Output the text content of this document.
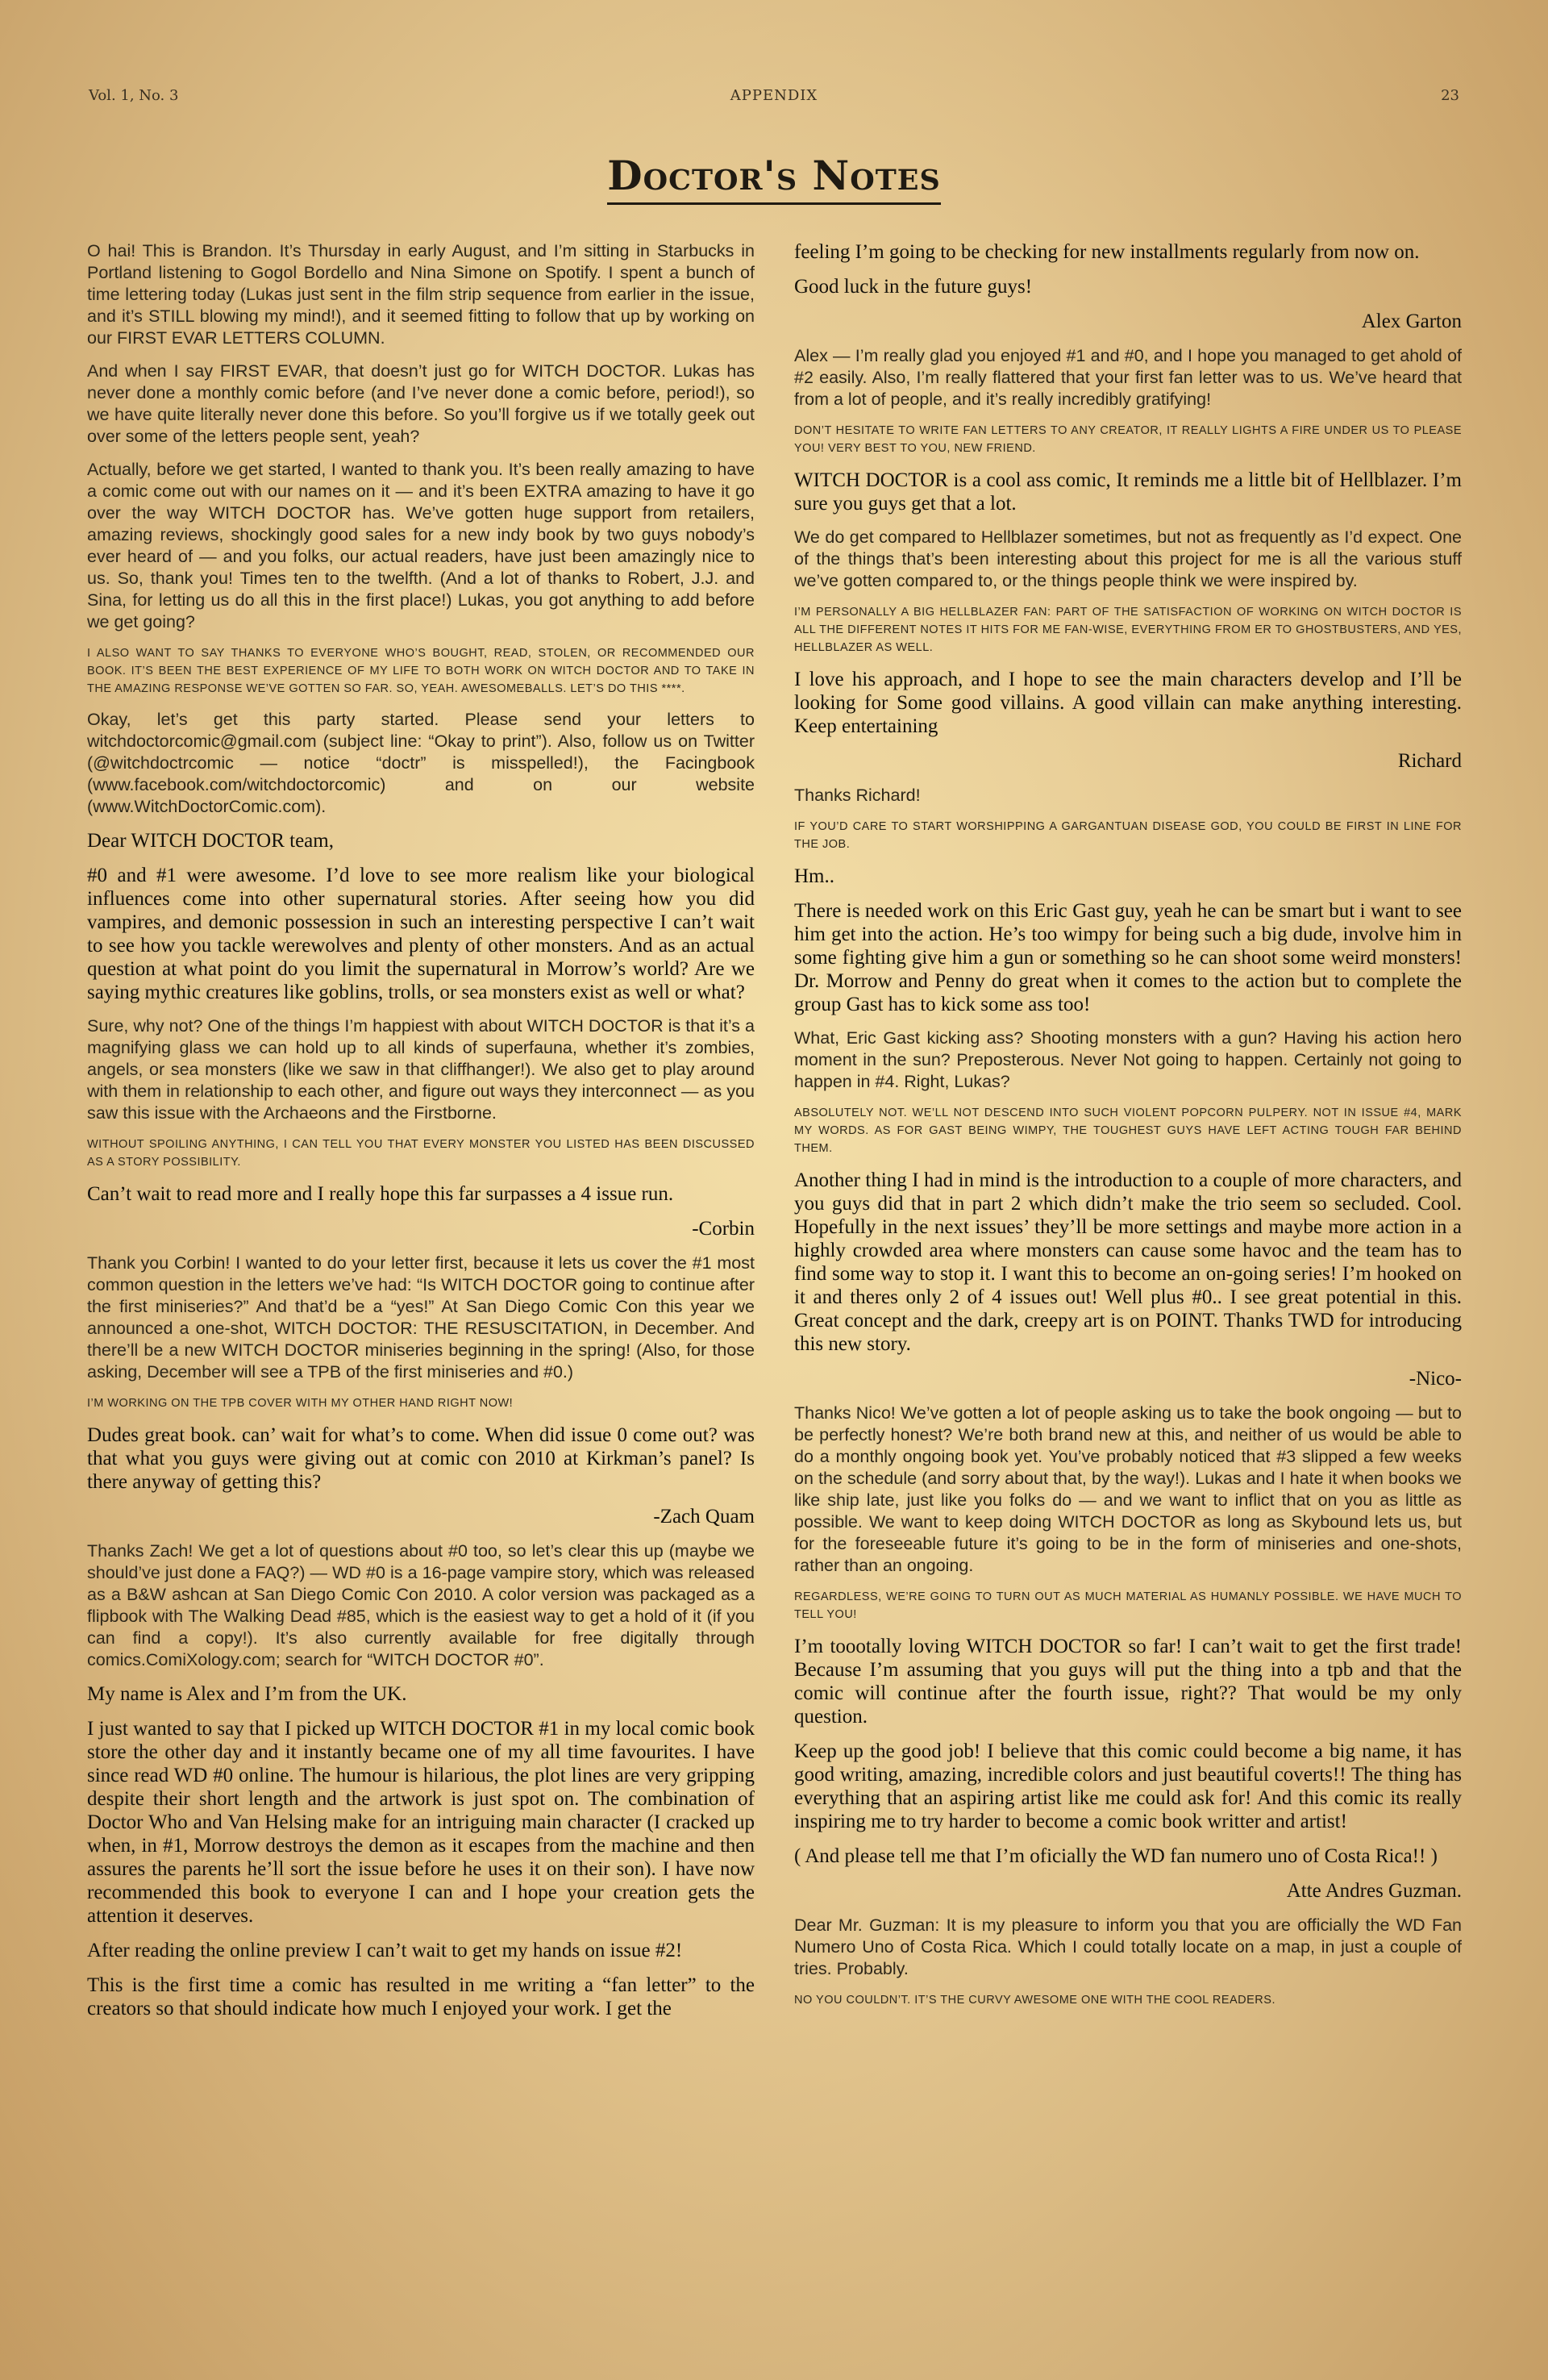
Vol. 1, No. 3	APPENDIX	23
Doctor's Notes
O hai! This is Brandon. It’s Thursday in early August, and I’m sitting in Starbucks in Portland listening to Gogol Bordello and Nina Simone on Spotify. I spent a bunch of time lettering today (Lukas just sent in the film strip sequence from earlier in the issue, and it’s STILL blowing my mind!), and it seemed fitting to follow that up by working on our FIRST EVAR LETTERS COLUMN.
And when I say FIRST EVAR, that doesn’t just go for WITCH DOCTOR. Lukas has never done a monthly comic before (and I’ve never done a comic before, period!), so we have quite literally never done this before. So you’ll forgive us if we totally geek out over some of the letters people sent, yeah?
Actually, before we get started, I wanted to thank you. It’s been really amazing to have a comic come out with our names on it — and it’s been EXTRA amazing to have it go over the way WITCH DOCTOR has. We’ve gotten huge support from retailers, amazing reviews, shockingly good sales for a new indy book by two guys nobody’s ever heard of — and you folks, our actual readers, have just been amazingly nice to us. So, thank you! Times ten to the twelfth. (And a lot of thanks to Robert, J.J. and Sina, for letting us do all this in the first place!) Lukas, you got anything to add before we get going?
I ALSO WANT TO SAY THANKS TO EVERYONE WHO’S BOUGHT, READ, STOLEN, OR RECOMMENDED OUR BOOK. IT’S BEEN THE BEST EXPERIENCE OF MY LIFE TO BOTH WORK ON WITCH DOCTOR AND TO TAKE IN THE AMAZING RESPONSE WE’VE GOTTEN SO FAR. SO, YEAH. AWESOMEBALLS. LET’S DO THIS ****.
Okay, let’s get this party started. Please send your letters to witchdoctorcomic@gmail.com (subject line: “Okay to print”). Also, follow us on Twitter (@witchdoctrcomic — notice “doctr” is misspelled!), the Facingbook (www.facebook.com/witchdoctorcomic) and on our website (www.WitchDoctorComic.com).
Dear WITCH DOCTOR team,
#0 and #1 were awesome. I’d love to see more realism like your biological influences come into other supernatural stories. After seeing how you did vampires, and demonic possession in such an interesting perspective I can’t wait to see how you tackle werewolves and plenty of other monsters. And as an actual question at what point do you limit the supernatural in Morrow’s world? Are we saying mythic creatures like goblins, trolls, or sea monsters exist as well or what?
Sure, why not? One of the things I’m happiest with about WITCH DOCTOR is that it’s a magnifying glass we can hold up to all kinds of superfauna, whether it’s zombies, angels, or sea monsters (like we saw in that cliffhanger!). We also get to play around with them in relationship to each other, and figure out ways they interconnect — as you saw this issue with the Archaeons and the Firstborne.
WITHOUT SPOILING ANYTHING, I CAN TELL YOU THAT EVERY MONSTER YOU LISTED HAS BEEN DISCUSSED AS A STORY POSSIBILITY.
Can’t wait to read more and I really hope this far surpasses a 4 issue run.
-Corbin
Thank you Corbin! I wanted to do your letter first, because it lets us cover the #1 most common question in the letters we’ve had: “Is WITCH DOCTOR going to continue after the first miniseries?” And that’d be a “yes!” At San Diego Comic Con this year we announced a one-shot, WITCH DOCTOR: THE RESUSCITATION, in December. And there’ll be a new WITCH DOCTOR miniseries beginning in the spring! (Also, for those asking, December will see a TPB of the first miniseries and #0.)
I’M WORKING ON THE TPB COVER WITH MY OTHER HAND RIGHT NOW!
Dudes great book. can’ wait for what’s to come. When did issue 0 come out? was that what you guys were giving out at comic con 2010 at Kirkman’s panel? Is there anyway of getting this?
-Zach Quam
Thanks Zach! We get a lot of questions about #0 too, so let’s clear this up (maybe we should’ve just done a FAQ?) — WD #0 is a 16-page vampire story, which was released as a B&W ashcan at San Diego Comic Con 2010. A color version was packaged as a flipbook with The Walking Dead #85, which is the easiest way to get a hold of it (if you can find a copy!). It’s also currently available for free digitally through comics.ComiXology.com; search for “WITCH DOCTOR #0”.
My name is Alex and I’m from the UK.
I just wanted to say that I picked up WITCH DOCTOR #1 in my local comic book store the other day and it instantly became one of my all time favourites. I have since read WD #0 online. The humour is hilarious, the plot lines are very gripping despite their short length and the artwork is just spot on. The combination of Doctor Who and Van Helsing make for an intriguing main character (I cracked up when, in #1, Morrow destroys the demon as it escapes from the machine and then assures the parents he’ll sort the issue before he uses it on their son). I have now recommended this book to everyone I can and I hope your creation gets the attention it deserves.
After reading the online preview I can’t wait to get my hands on issue #2!
This is the first time a comic has resulted in me writing a “fan letter” to the creators so that should indicate how much I enjoyed your work. I get the
feeling I’m going to be checking for new installments regularly from now on.
Good luck in the future guys!
Alex Garton
Alex — I’m really glad you enjoyed #1 and #0, and I hope you managed to get ahold of #2 easily. Also, I’m really flattered that your first fan letter was to us. We’ve heard that from a lot of people, and it’s really incredibly gratifying!
DON’T HESITATE TO WRITE FAN LETTERS TO ANY CREATOR, IT REALLY LIGHTS A FIRE UNDER US TO PLEASE YOU! VERY BEST TO YOU, NEW FRIEND.
WITCH DOCTOR is a cool ass comic, It reminds me a little bit of Hellblazer. I’m sure you guys get that a lot.
We do get compared to Hellblazer sometimes, but not as frequently as I’d expect. One of the things that’s been interesting about this project for me is all the various stuff we’ve gotten compared to, or the things people think we were inspired by.
I’M PERSONALLY A BIG HELLBLAZER FAN: PART OF THE SATISFACTION OF WORKING ON WITCH DOCTOR IS ALL THE DIFFERENT NOTES IT HITS FOR ME FAN-WISE, EVERYTHING FROM ER TO GHOSTBUSTERS, AND YES, HELLBLAZER AS WELL.
I love his approach, and I hope to see the main characters develop and I’ll be looking for Some good villains. A good villain can make anything interesting. Keep entertaining
Richard
Thanks Richard!
IF YOU’D CARE TO START WORSHIPPING A GARGANTUAN DISEASE GOD, YOU COULD BE FIRST IN LINE FOR THE JOB.
Hm..
There is needed work on this Eric Gast guy, yeah he can be smart but i want to see him get into the action. He’s too wimpy for being such a big dude, involve him in some fighting give him a gun or something so he can shoot some weird monsters! Dr. Morrow and Penny do great when it comes to the action but to complete the group Gast has to kick some ass too!
What, Eric Gast kicking ass? Shooting monsters with a gun? Having his action hero moment in the sun? Preposterous. Never Not going to happen. Certainly not going to happen in #4. Right, Lukas?
ABSOLUTELY NOT. WE’LL NOT DESCEND INTO SUCH VIOLENT POPCORN PULPERY. NOT IN ISSUE #4, MARK MY WORDS. AS FOR GAST BEING WIMPY, THE TOUGHEST GUYS HAVE LEFT ACTING TOUGH FAR BEHIND THEM.
Another thing I had in mind is the introduction to a couple of more characters, and you guys did that in part 2 which didn’t make the trio seem so secluded. Cool. Hopefully in the next issues’ they’ll be more settings and maybe more action in a highly crowded area where monsters can cause some havoc and the team has to find some way to stop it. I want this to become an on-going series! I’m hooked on it and theres only 2 of 4 issues out! Well plus #0.. I see great potential in this. Great concept and the dark, creepy art is on POINT. Thanks TWD for introducing this new story.
-Nico-
Thanks Nico! We’ve gotten a lot of people asking us to take the book ongoing — but to be perfectly honest? We’re both brand new at this, and neither of us would be able to do a monthly ongoing book yet. You’ve probably noticed that #3 slipped a few weeks on the schedule (and sorry about that, by the way!). Lukas and I hate it when books we like ship late, just like you folks do — and we want to inflict that on you as little as possible. We want to keep doing WITCH DOCTOR as long as Skybound lets us, but for the foreseeable future it’s going to be in the form of miniseries and one-shots, rather than an ongoing.
REGARDLESS, WE’RE GOING TO TURN OUT AS MUCH MATERIAL AS HUMANLY POSSIBLE. WE HAVE MUCH TO TELL YOU!
I’m toootally loving WITCH DOCTOR so far! I can’t wait to get the first trade! Because I’m assuming that you guys will put the thing into a tpb and that the comic will continue after the fourth issue, right?? That would be my only question.
Keep up the good job! I believe that this comic could become a big name, it has good writing, amazing, incredible colors and just beautiful coverts!! The thing has everything that an aspiring artist like me could ask for! And this comic its really inspiring me to try harder to become a comic book writter and artist!
( And please tell me that I’m oficially the WD fan numero uno of Costa Rica!! )
Atte Andres Guzman.
Dear Mr. Guzman: It is my pleasure to inform you that you are officially the WD Fan Numero Uno of Costa Rica. Which I could totally locate on a map, in just a couple of tries. Probably.
NO YOU COULDN’T. IT’S THE CURVY AWESOME ONE WITH THE COOL READERS.
